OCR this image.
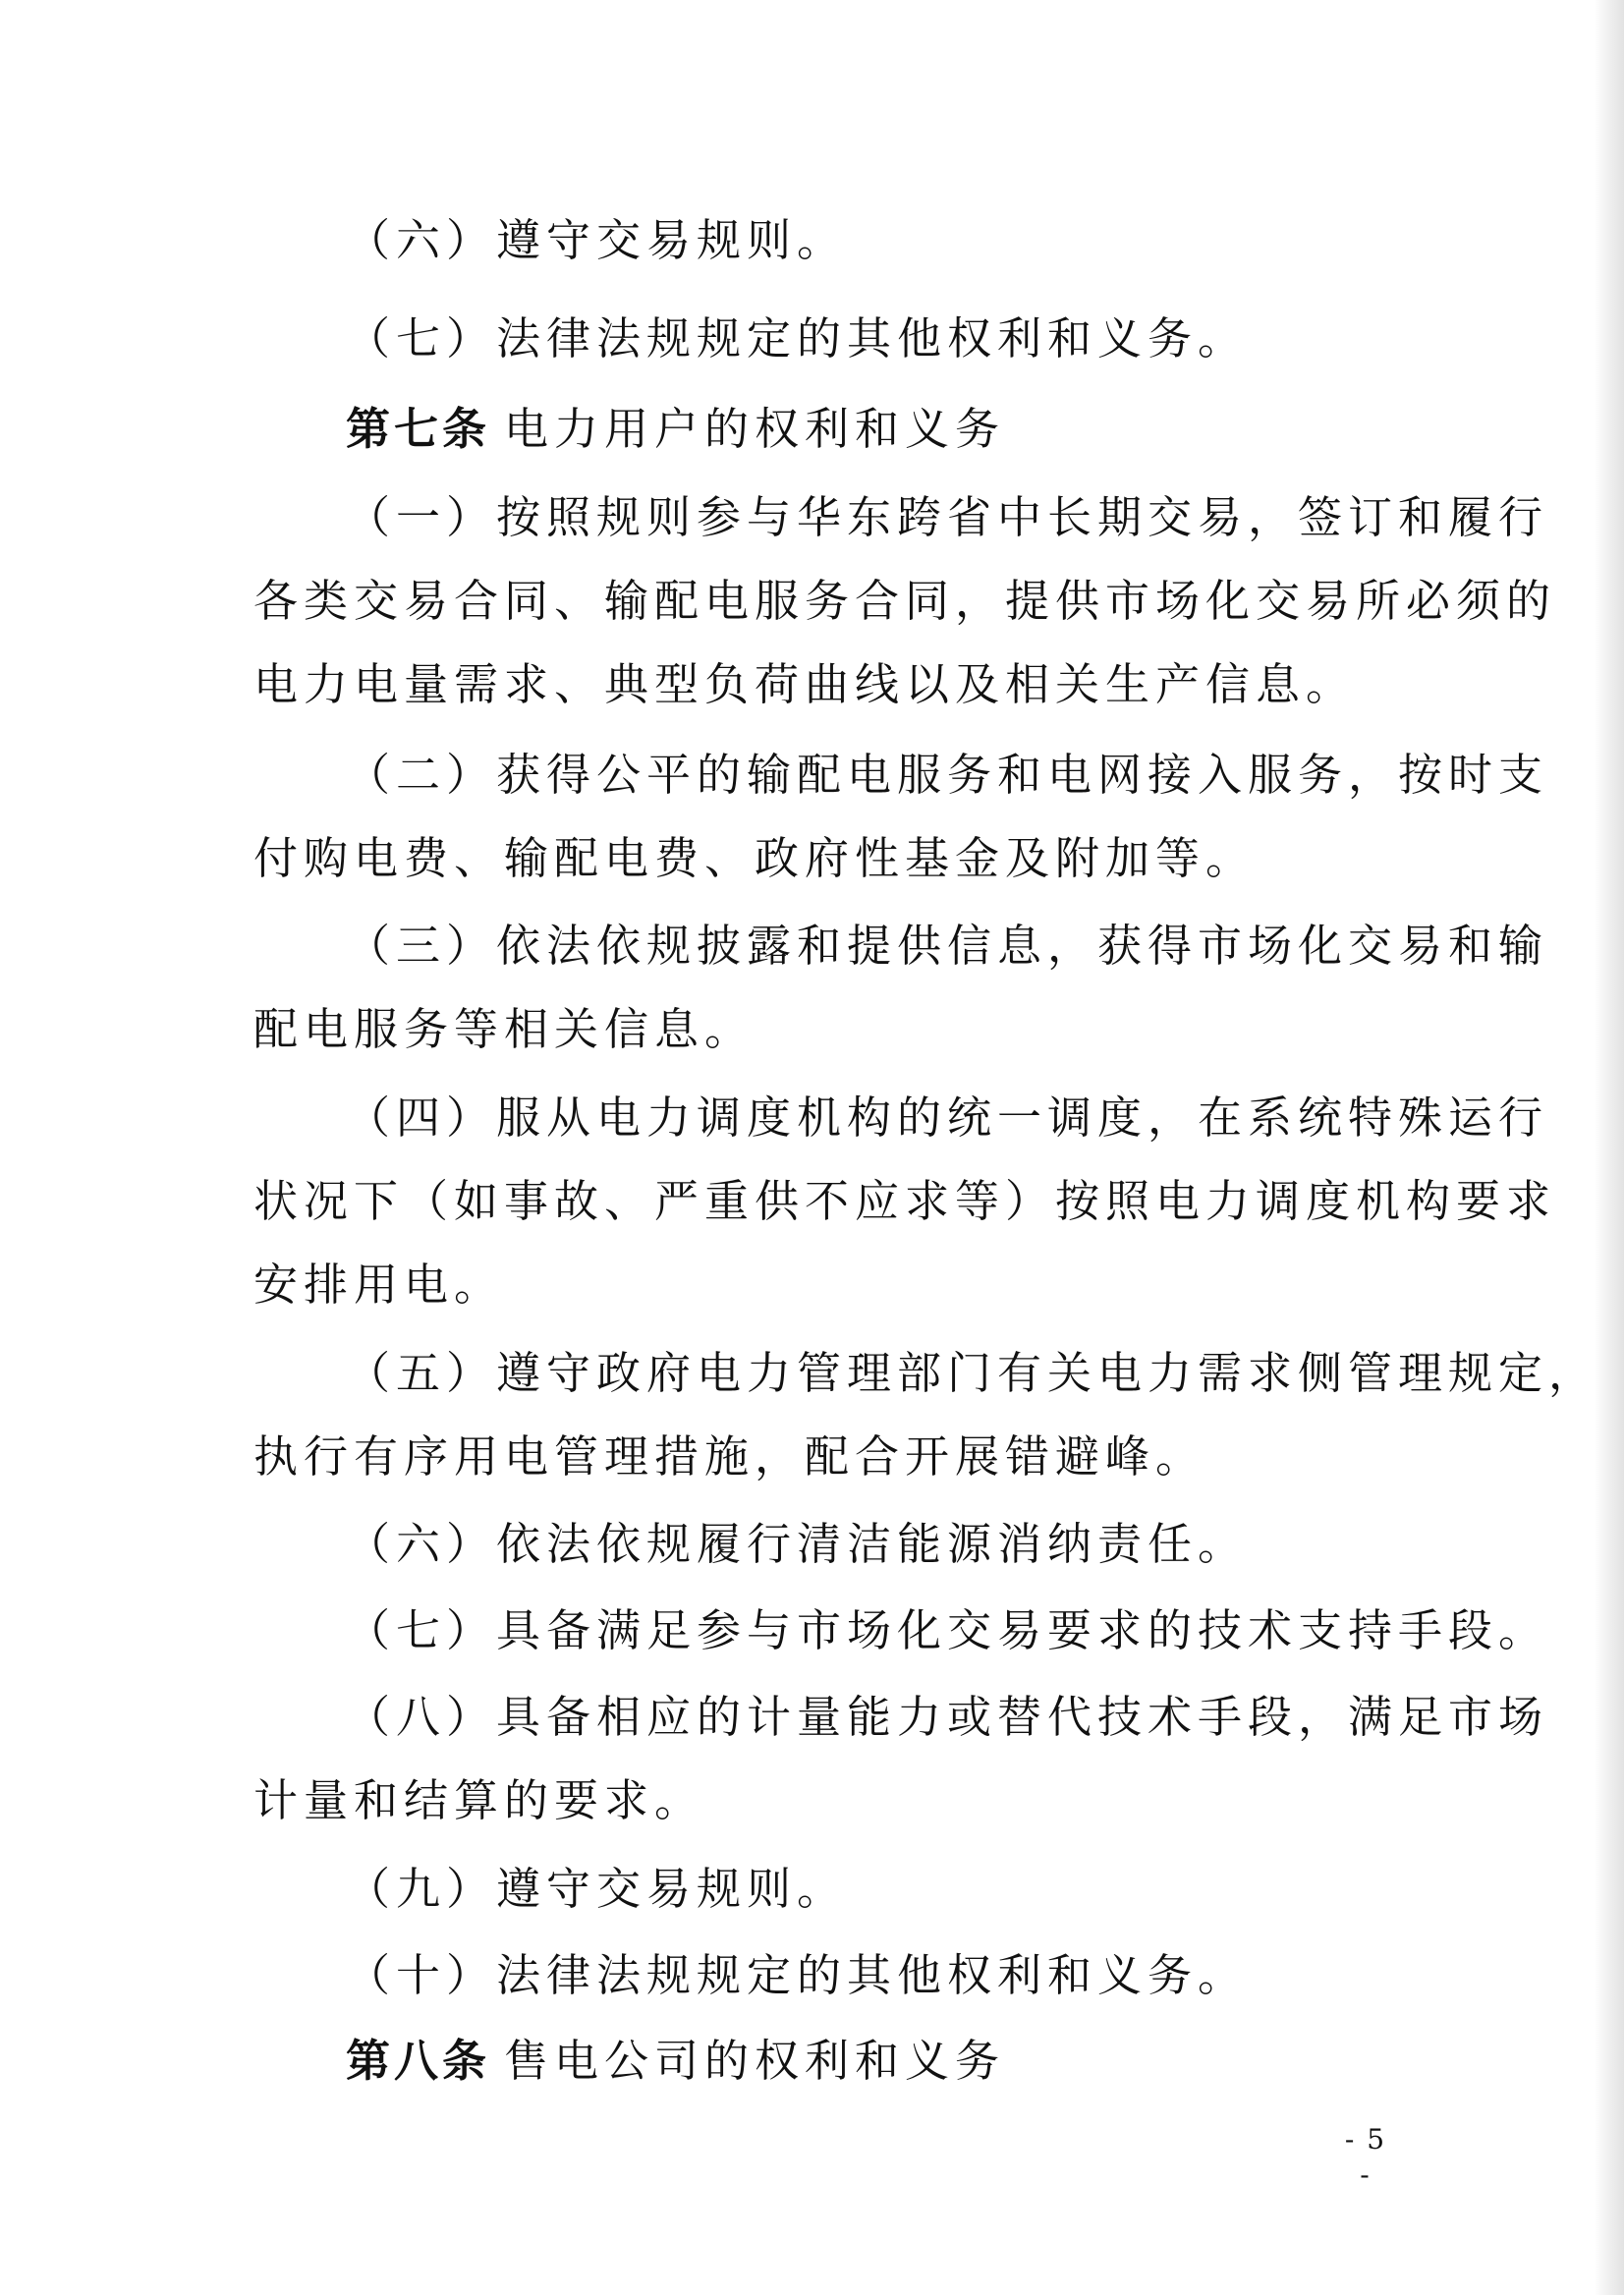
（六）遵守交易规则。
（七）法律法规规定的其他权利和义务。
第七条 电力用户的权利和义务
（一）按照规则参与华东跨省中长期交易，签订和履行
各类交易合同、输配电服务合同，提供市场化交易所必须的
电力电量需求、典型负荷曲线以及相关生产信息。
（二）获得公平的输配电服务和电网接入服务，按时支
付购电费、输配电费、政府性基金及附加等。
（三）依法依规披露和提供信息，获得市场化交易和输
配电服务等相关信息。
（四）服从电力调度机构的统一调度，在系统特殊运行
状况下（如事故、严重供不应求等）按照电力调度机构要求
安排用电。
（五）遵守政府电力管理部门有关电力需求侧管理规定，
执行有序用电管理措施，配合开展错避峰。
（六）依法依规履行清洁能源消纳责任。
（七）具备满足参与市场化交易要求的技术支持手段。
（八）具备相应的计量能力或替代技术手段，满足市场
计量和结算的要求。
（九）遵守交易规则。
（十）法律法规规定的其他权利和义务。
第八条 售电公司的权利和义务
- 5 -
